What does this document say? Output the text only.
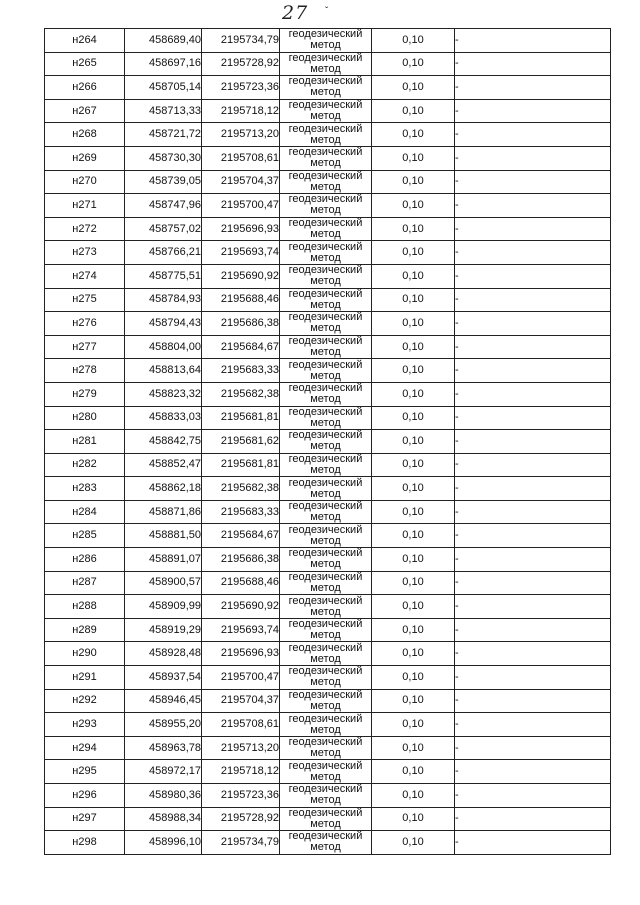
27 ˇ
н264	458689,40	2195734,79	геодезический
метод	0,10	-
н265	458697,16	2195728,92	геодезический
метод	0,10	-
н266	458705,14	2195723,36	геодезический
метод	0,10	-
н267	458713,33	2195718,12	геодезический
метод	0,10	-
н268	458721,72	2195713,20	геодезический
метод	0,10	-
н269	458730,30	2195708,61	геодезический
метод	0,10	-
н270	458739,05	2195704,37	геодезический
метод	0,10	-
н271	458747,96	2195700,47	геодезический
метод	0,10	-
н272	458757,02	2195696,93	геодезический
метод	0,10	-
н273	458766,21	2195693,74	геодезический
метод	0,10	-
н274	458775,51	2195690,92	геодезический
метод	0,10	-
н275	458784,93	2195688,46	геодезический
метод	0,10	-
н276	458794,43	2195686,38	геодезический
метод	0,10	-
н277	458804,00	2195684,67	геодезический
метод	0,10	-
н278	458813,64	2195683,33	геодезический
метод	0,10	-
н279	458823,32	2195682,38	геодезический
метод	0,10	-
н280	458833,03	2195681,81	геодезический
метод	0,10	-
н281	458842,75	2195681,62	геодезический
метод	0,10	-
н282	458852,47	2195681,81	геодезический
метод	0,10	-
н283	458862,18	2195682,38	геодезический
метод	0,10	-
н284	458871,86	2195683,33	геодезический
метод	0,10	-
н285	458881,50	2195684,67	геодезический
метод	0,10	-
н286	458891,07	2195686,38	геодезический
метод	0,10	-
н287	458900,57	2195688,46	геодезический
метод	0,10	-
н288	458909,99	2195690,92	геодезический
метод	0,10	-
н289	458919,29	2195693,74	геодезический
метод	0,10	-
н290	458928,48	2195696,93	геодезический
метод	0,10	-
н291	458937,54	2195700,47	геодезический
метод	0,10	-
н292	458946,45	2195704,37	геодезический
метод	0,10	-
н293	458955,20	2195708,61	геодезический
метод	0,10	-
н294	458963,78	2195713,20	геодезический
метод	0,10	-
н295	458972,17	2195718,12	геодезический
метод	0,10	-
н296	458980,36	2195723,36	геодезический
метод	0,10	-
н297	458988,34	2195728,92	геодезический
метод	0,10	-
н298	458996,10	2195734,79	геодезический
метод	0,10	-
